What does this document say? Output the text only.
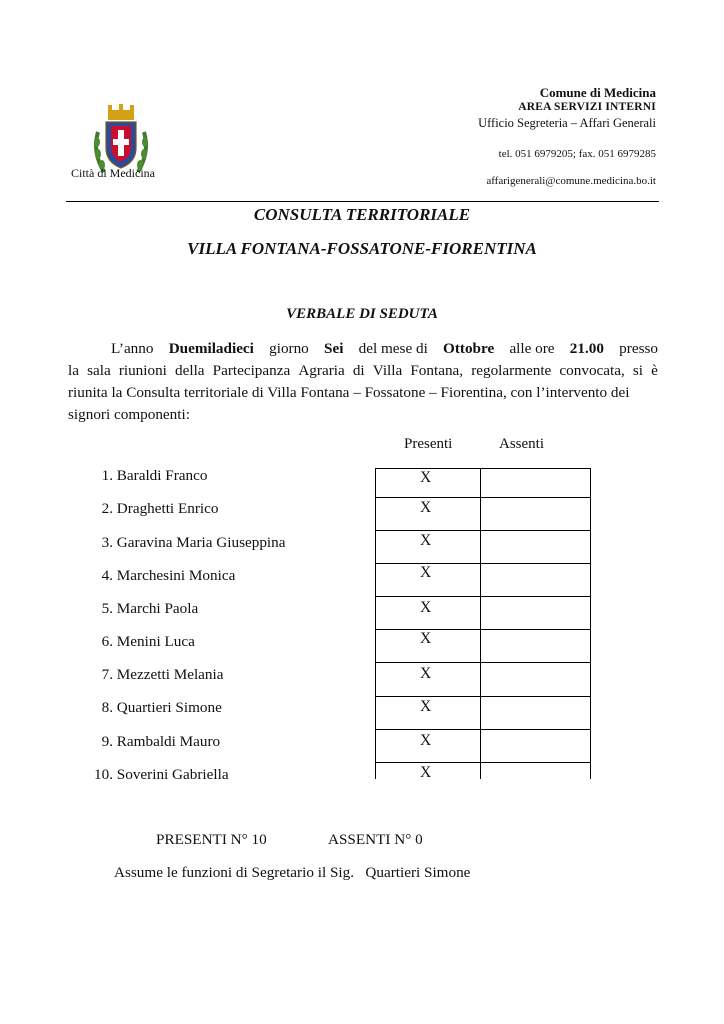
Città di Medicina
Comune di Medicina
AREA SERVIZI INTERNI
Ufficio Segreteria – Affari Generali
tel. 051 6979205; fax. 051 6979285
affarigenerali@comune.medicina.bo.it
CONSULTA TERRITORIALE
VILLA FONTANA-FOSSATONE-FIORENTINA
VERBALE DI SEDUTA
L’anno Duemiladieci giorno Sei del mese di Ottobre alle ore 21.00 presso
la sala riunioni della Partecipanza Agraria di Villa Fontana, regolarmente convocata, si è
riunita la Consulta territoriale di Villa Fontana – Fossatone – Fiorentina, con l’intervento dei
signori componenti:
Presenti	Assenti
1. Baraldi Franco
2. Draghetti Enrico
3. Garavina Maria Giuseppina
4. Marchesini Monica
5. Marchi Paola
6. Menini Luca
7. Mezzetti Melania
8. Quartieri Simone
9. Rambaldi Mauro
10. Soverini Gabriella
X
X
X
X
X
X
X
X
X
X
PRESENTI N° 10	ASSENTI N° 0
Assume le funzioni di Segretario il Sig.   Quartieri Simone
